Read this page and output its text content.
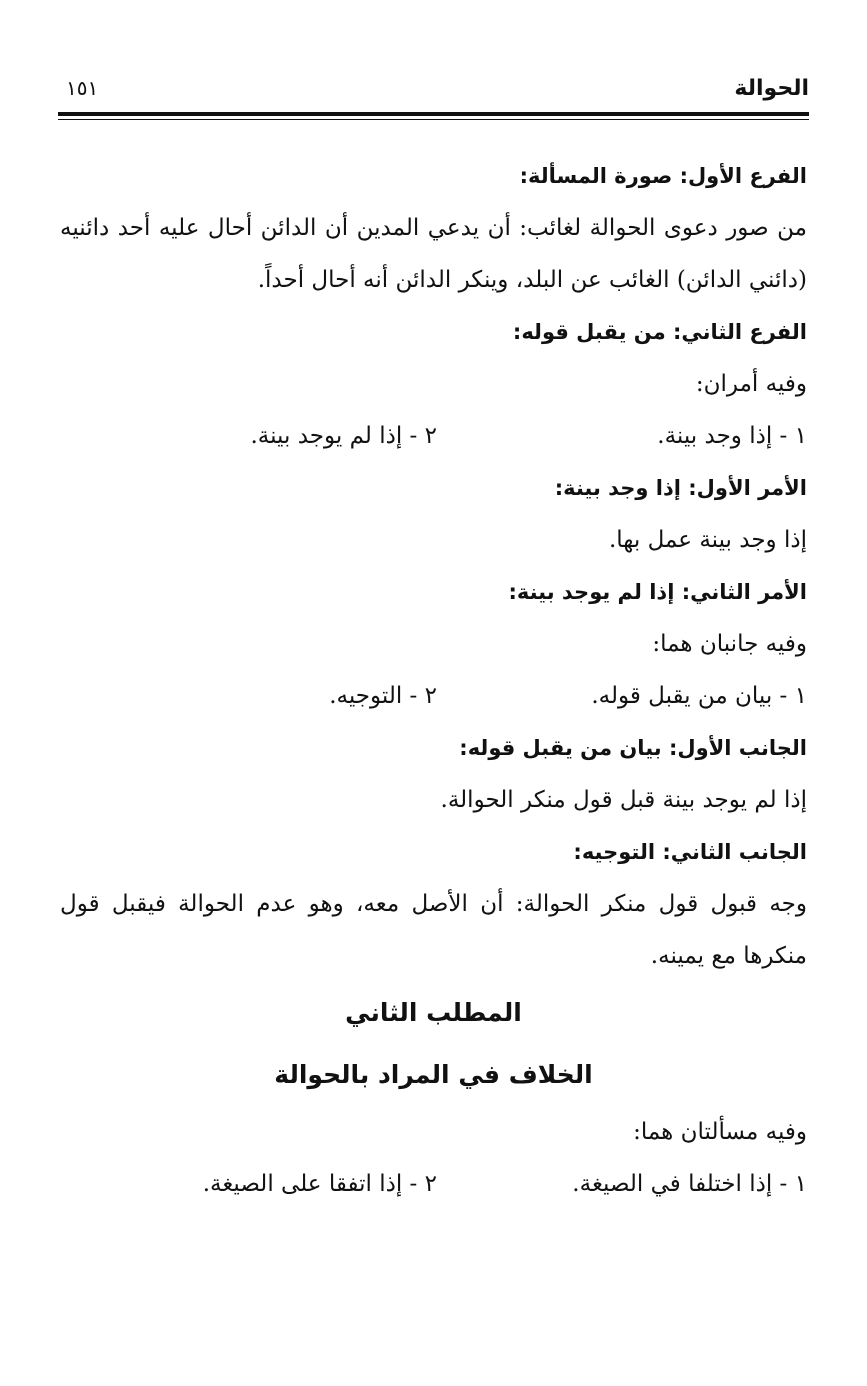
الحوالة
١٥١
الفرع الأول: صورة المسألة:
من صور دعوى الحوالة لغائب: أن يدعي المدين أن الدائن أحال عليه أحد دائنيه (دائني الدائن) الغائب عن البلد، وينكر الدائن أنه أحال أحداً.
الفرع الثاني: من يقبل قوله:
وفيه أمران:
١ - إذا وجد بينة.
٢ - إذا لم يوجد بينة.
الأمر الأول: إذا وجد بينة:
إذا وجد بينة عمل بها.
الأمر الثاني: إذا لم يوجد بينة:
وفيه جانبان هما:
١ - بيان من يقبل قوله.
٢ - التوجيه.
الجانب الأول: بيان من يقبل قوله:
إذا لم يوجد بينة قبل قول منكر الحوالة.
الجانب الثاني: التوجيه:
وجه قبول قول منكر الحوالة: أن الأصل معه، وهو عدم الحوالة فيقبل قول منكرها مع يمينه.
المطلب الثاني
الخلاف في المراد بالحوالة
وفيه مسألتان هما:
١ - إذا اختلفا في الصيغة.
٢ - إذا اتفقا على الصيغة.
